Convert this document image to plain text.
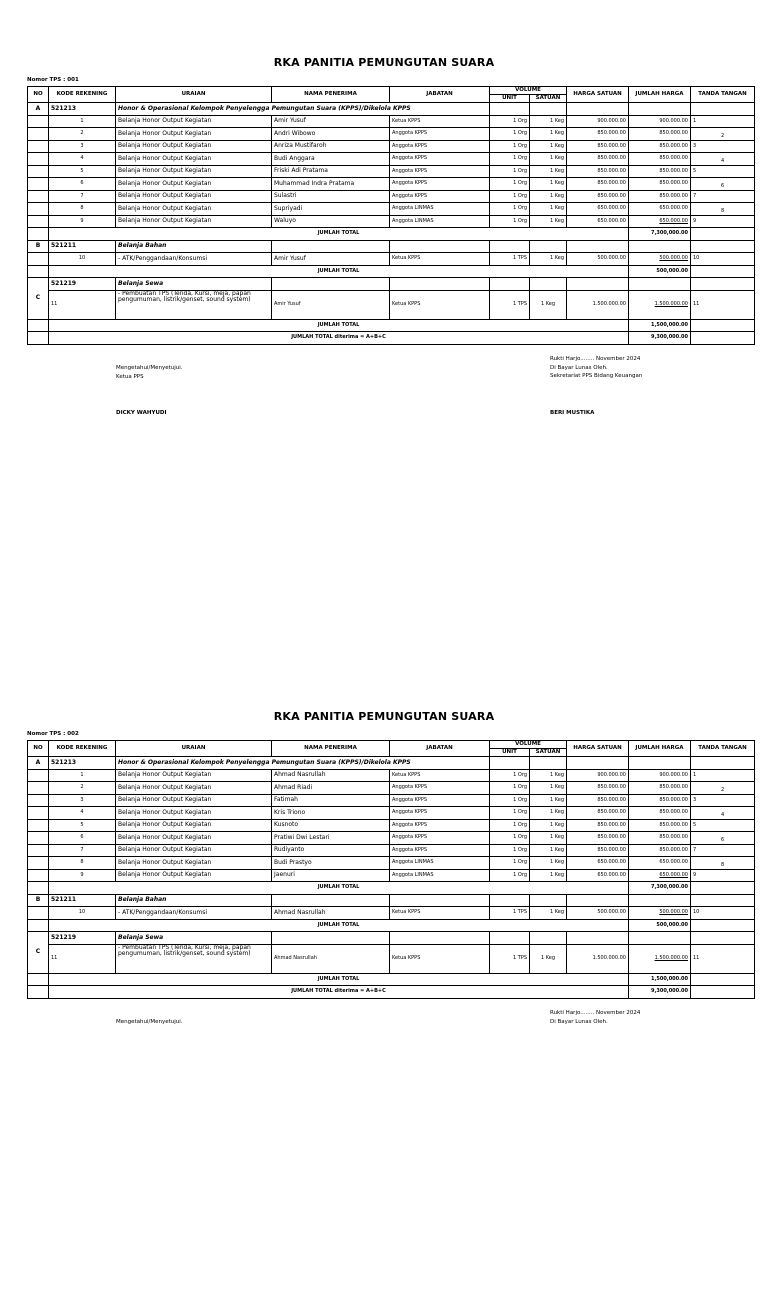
RKA PANITIA PEMUNGUTAN SUARA
Nomor TPS : 001
NO	KODE REKENING	URAIAN	NAMA PENERIMA	JABATAN	VOLUME		HARGA SATUAN	JUMLAH HARGA	TANDA TANGAN
					UNIT	SATUAN			
A	521213	Honor & Operasional Kelompok Penyelengga Pemungutan Suara (KPPS)/Dikelola KPPS							
	1	Belanja Honor Output Kegiatan	Amir Yusuf	Ketua KPPS	1 Org	1 Keg	900.000.00	900.000.00	1

	2	Belanja Honor Output Kegiatan	Andri Wibowo	Anggota KPPS	1 Org	1 Keg	850.000.00	850.000.00	2

	3	Belanja Honor Output Kegiatan	Anriza Mustifaroh	Anggota KPPS	1 Org	1 Keg	850.000.00	850.000.00	3

	4	Belanja Honor Output Kegiatan	Budi Anggara	Anggota KPPS	1 Org	1 Keg	850.000.00	850.000.00	4

	5	Belanja Honor Output Kegiatan	Friski Adi Pratama	Anggota KPPS	1 Org	1 Keg	850.000.00	850.000.00	5

	6	Belanja Honor Output Kegiatan	Muhammad Indra Pratama	Anggota KPPS	1 Org	1 Keg	850.000.00	850.000.00	6

	7	Belanja Honor Output Kegiatan	Sulastri	Anggota KPPS	1 Org	1 Keg	850.000.00	850.000.00	7

	8	Belanja Honor Output Kegiatan	Supriyadi	Anggota LINMAS	1 Org	1 Keg	650.000.00	650.000.00	8

	9	Belanja Honor Output Kegiatan	Waluyo	Anggota LINMAS	1 Org	1 Keg	650.000.00	650.000.00	9

	JUMLAH TOTAL							7,300,000.00	
B	521211	Belanja Bahan							
	10	- ATK/Penggandaan/Konsumsi	Amir Yusuf	Ketua KPPS	1 TPS	1 Keg	500.000.00	500.000.00	10
	JUMLAH TOTAL							500,000.00	
C	521219	Belanja Sewa							
	11	- Pembuatan TPS (Tenda, Kursi, meja, papan pengumuman, listrik/genset, sound system)	Amir Yusuf	Ketua KPPS	1 TPS	1 Keg	1.500.000.00	1.500.000.00	11
	JUMLAH TOTAL							1,500,000.00	
	JUMLAH TOTAL diterima = A+B+C							9,300,000.00	
Mengetahui/Menyetujui.
Ketua PPS
DICKY WAHYUDI
Rukti Harjo........ November 2024
Di Bayar Lunas Oleh.
Sekretariat PPS Bidang Keuangan
BERI MUSTIKA
RKA PANITIA PEMUNGUTAN SUARA
Nomor TPS : 002
NO	KODE REKENING	URAIAN	NAMA PENERIMA	JABATAN	VOLUME		HARGA SATUAN	JUMLAH HARGA	TANDA TANGAN
					UNIT	SATUAN			
A	521213	Honor & Operasional Kelompok Penyelengga Pemungutan Suara (KPPS)/Dikelola KPPS							
	1	Belanja Honor Output Kegiatan	Ahmad Nasrullah	Ketua KPPS	1 Org	1 Keg	900.000.00	900.000.00	1

	2	Belanja Honor Output Kegiatan	Ahmad Riadi	Anggota KPPS	1 Org	1 Keg	850.000.00	850.000.00	2

	3	Belanja Honor Output Kegiatan	Fatimah	Anggota KPPS	1 Org	1 Keg	850.000.00	850.000.00	3

	4	Belanja Honor Output Kegiatan	Kris Triono	Anggota KPPS	1 Org	1 Keg	850.000.00	850.000.00	4

	5	Belanja Honor Output Kegiatan	Kusnoto	Anggota KPPS	1 Org	1 Keg	850.000.00	850.000.00	5

	6	Belanja Honor Output Kegiatan	Pratiwi Dwi Lestari	Anggota KPPS	1 Org	1 Keg	850.000.00	850.000.00	6

	7	Belanja Honor Output Kegiatan	Rudiyanto	Anggota KPPS	1 Org	1 Keg	850.000.00	850.000.00	7

	8	Belanja Honor Output Kegiatan	Budi Prastyo	Anggota LINMAS	1 Org	1 Keg	650.000.00	650.000.00	8

	9	Belanja Honor Output Kegiatan	Jaenuri	Anggota LINMAS	1 Org	1 Keg	650.000.00	650.000.00	9

	JUMLAH TOTAL							7,300,000.00	
B	521211	Belanja Bahan							
	10	- ATK/Penggandaan/Konsumsi	Ahmad Nasrullah	Ketua KPPS	1 TPS	1 Keg	500.000.00	500.000.00	10
	JUMLAH TOTAL							500,000.00	
C	521219	Belanja Sewa							
	11	- Pembuatan TPS (Tenda, Kursi, meja, papan pengumuman, listrik/genset, sound system)	Ahmad Nasrullah	Ketua KPPS	1 TPS	1 Keg	1.500.000.00	1.500.000.00	11
	JUMLAH TOTAL							1,500,000.00	
	JUMLAH TOTAL diterima = A+B+C							9,300,000.00	
Mengetahui/Menyetujui.
Rukti Harjo........ November 2024
Di Bayar Lunas Oleh.
